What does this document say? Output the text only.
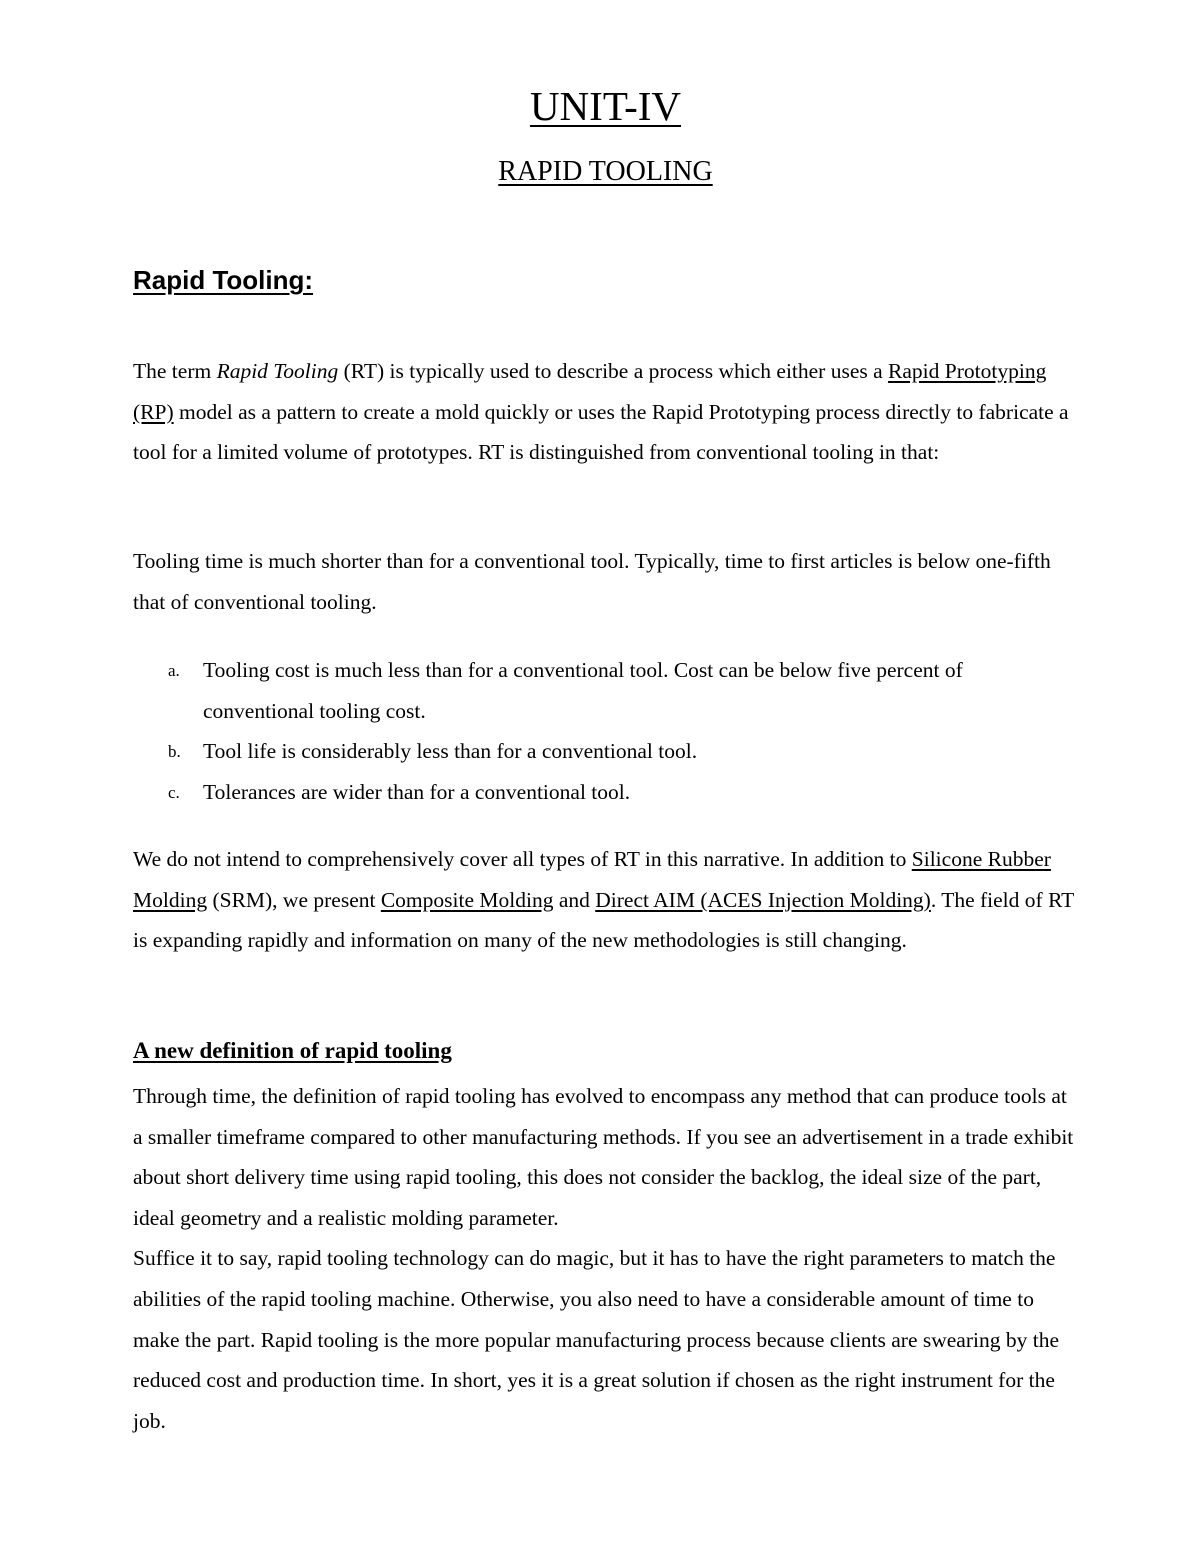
UNIT-IV
RAPID TOOLING
Rapid Tooling:

The term Rapid Tooling (RT) is typically used to describe a process which either uses a Rapid Prototyping (RP) model as a pattern to create a mold quickly or uses the Rapid Prototyping process directly to fabricate a tool for a limited volume of prototypes. RT is distinguished from conventional tooling in that:

Tooling time is much shorter than for a conventional tool. Typically, time to first articles is below one-fifth that of conventional tooling.

a. Tooling cost is much less than for a conventional tool. Cost can be below five percent of conventional tooling cost.
b. Tool life is considerably less than for a conventional tool.
c. Tolerances are wider than for a conventional tool.

We do not intend to comprehensively cover all types of RT in this narrative. In addition to Silicone Rubber Molding (SRM), we present Composite Molding and Direct AIM (ACES Injection Molding). The field of RT is expanding rapidly and information on many of the new methodologies is still changing.

A new definition of rapid tooling
Through time, the definition of rapid tooling has evolved to encompass any method that can produce tools at a smaller timeframe compared to other manufacturing methods. If you see an advertisement in a trade exhibit about short delivery time using rapid tooling, this does not consider the backlog, the ideal size of the part, ideal geometry and a realistic molding parameter.
Suffice it to say, rapid tooling technology can do magic, but it has to have the right parameters to match the abilities of the rapid tooling machine. Otherwise, you also need to have a considerable amount of time to make the part. Rapid tooling is the more popular manufacturing process because clients are swearing by the reduced cost and production time. In short, yes it is a great solution if chosen as the right instrument for the job.
